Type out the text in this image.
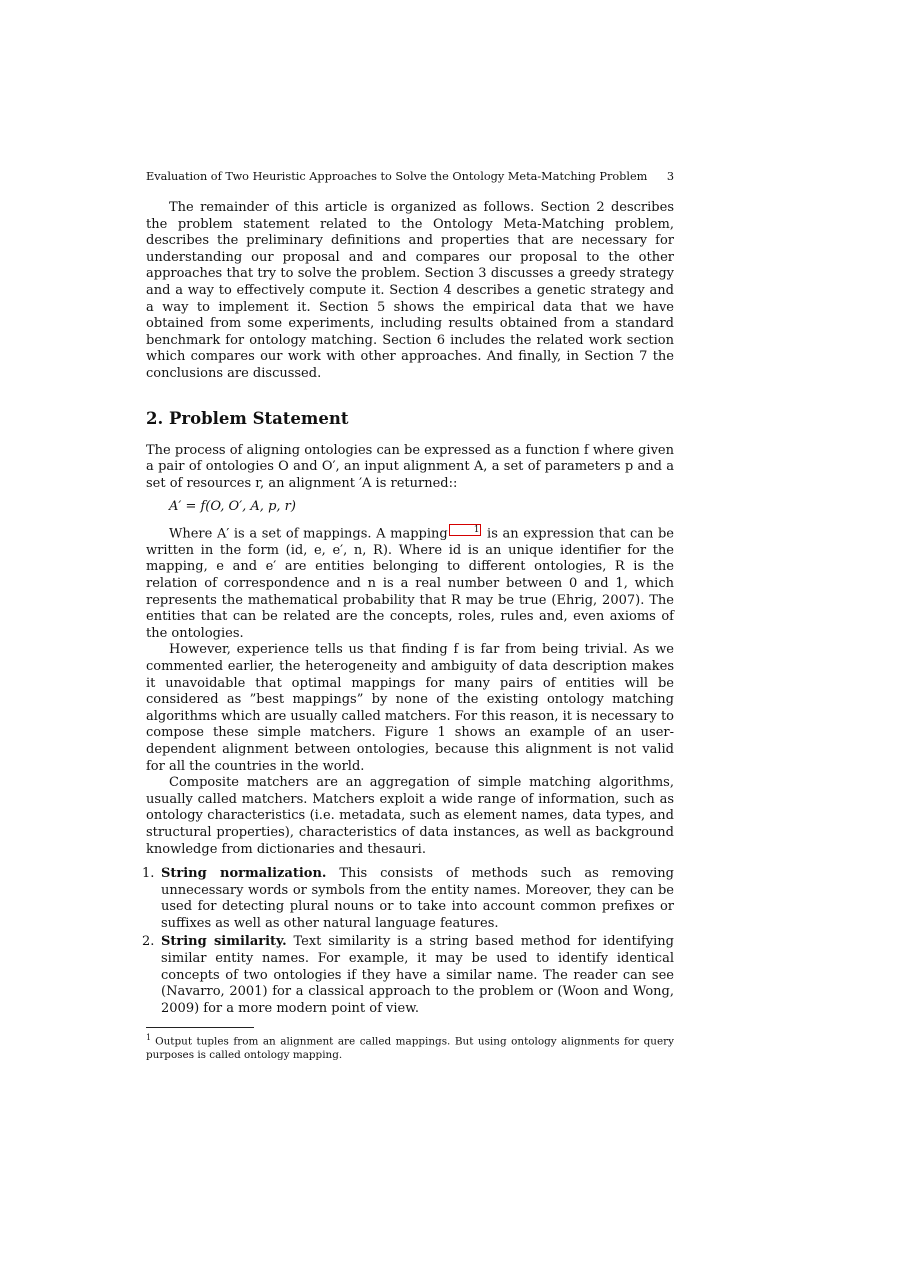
Evaluation of Two Heuristic Approaches to Solve the Ontology Meta-Matching Problem 3

The remainder of this article is organized as follows. Section 2 describes the problem statement related to the Ontology Meta-Matching problem, describes the preliminary definitions and properties that are necessary for understanding our proposal and and compares our proposal to the other approaches that try to solve the problem. Section 3 discusses a greedy strategy and a way to effectively compute it. Section 4 describes a genetic strategy and a way to implement it. Section 5 shows the empirical data that we have obtained from some experiments, including results obtained from a standard benchmark for ontology matching. Section 6 includes the related work section which compares our work with other approaches. And finally, in Section 7 the conclusions are discussed.

2. Problem Statement

The process of aligning ontologies can be expressed as a function f where given a pair of ontologies O and O′, an input alignment A, a set of parameters p and a set of resources r, an alignment ′A is returned::

A′ = f(O, O′, A, p, r)

Where A′ is a set of mappings. A mapping	1 is an expression that can be written in the form (id, e, e′, n, R). Where id is an unique identifier for the mapping, e and e′ are entities belonging to different ontologies, R is the relation of correspondence and n is a real number between 0 and 1, which represents the mathematical probability that R may be true (Ehrig, 2007). The entities that can be related are the concepts, roles, rules and, even axioms of the ontologies.

However, experience tells us that finding f is far from being trivial. As we commented earlier, the heterogeneity and ambiguity of data description makes it unavoidable that optimal mappings for many pairs of entities will be considered as ”best mappings” by none of the existing ontology matching algorithms which are usually called matchers. For this reason, it is necessary to compose these simple matchers. Figure 1 shows an example of an user-dependent alignment between ontologies, because this alignment is not valid for all the countries in the world.

Composite matchers are an aggregation of simple matching algorithms, usually called matchers. Matchers exploit a wide range of information, such as ontology characteristics (i.e. metadata, such as element names, data types, and structural properties), characteristics of data instances, as well as background knowledge from dictionaries and thesauri.

1. String normalization. This consists of methods such as removing unnecessary words or symbols from the entity names. Moreover, they can be used for detecting plural nouns or to take into account common prefixes or suffixes as well as other natural language features.
2. String similarity. Text similarity is a string based method for identifying similar entity names. For example, it may be used to identify identical concepts of two ontologies if they have a similar name. The reader can see (Navarro, 2001) for a classical approach to the problem or (Woon and Wong, 2009) for a more modern point of view.
$^1$ Output tuples from an alignment are called mappings. But using ontology alignments for query purposes is called ontology mapping.
